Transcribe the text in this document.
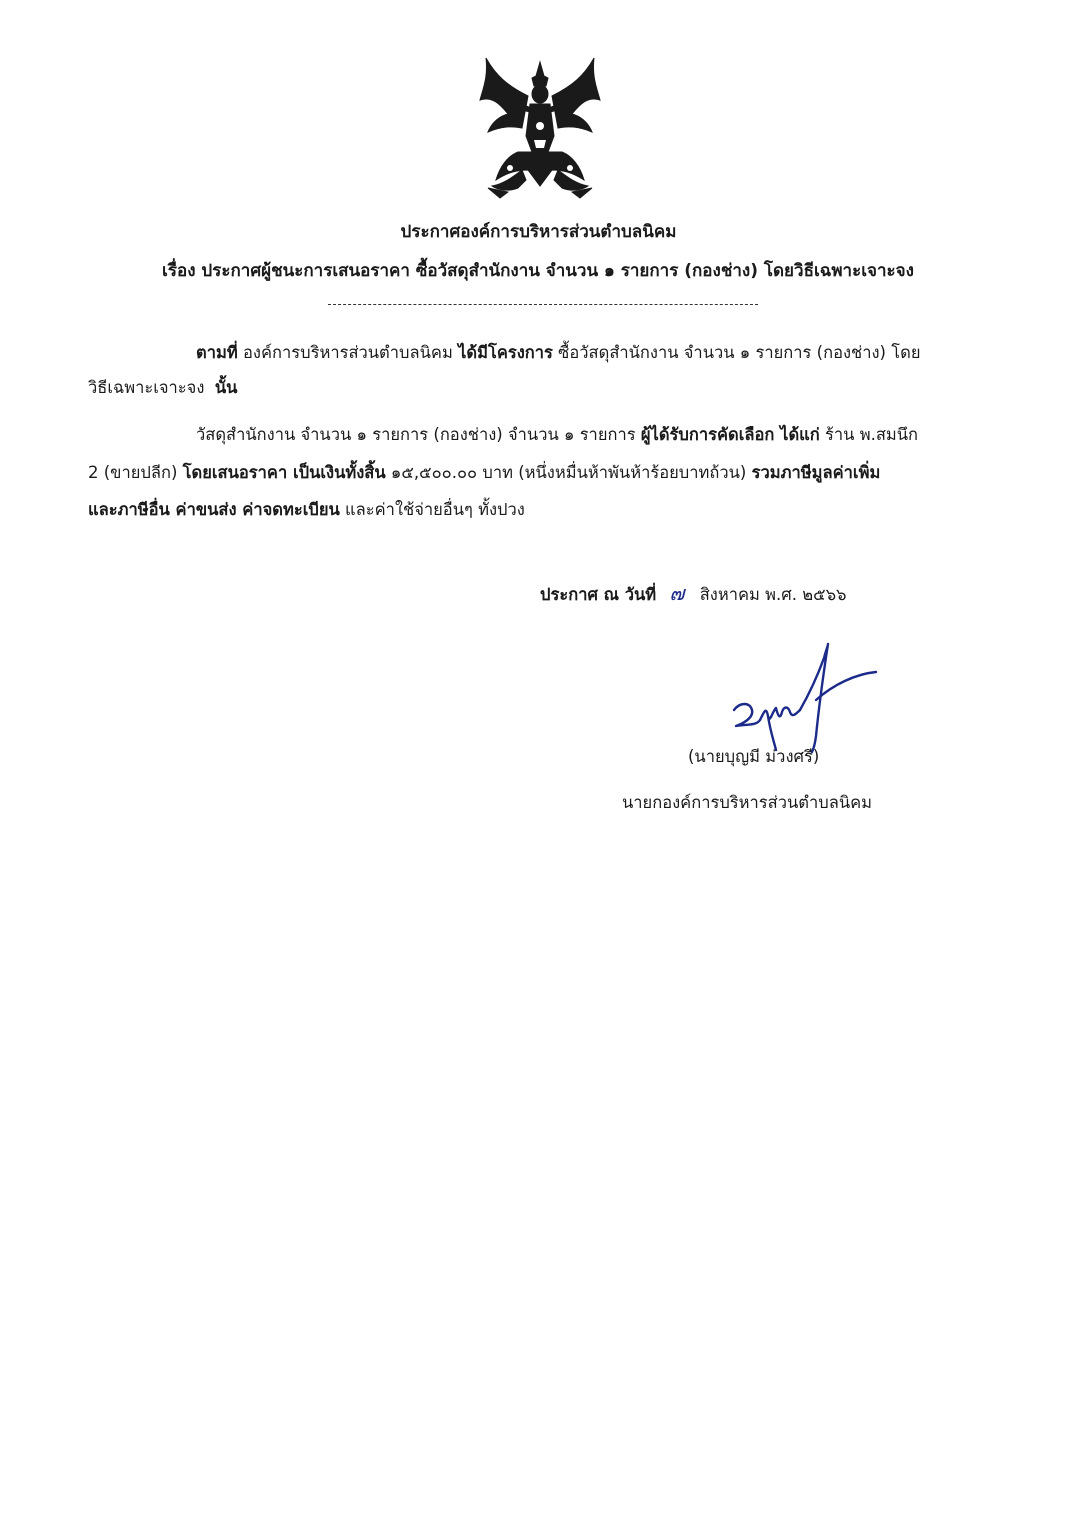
ประกาศองค์การบริหารส่วนตำบลนิคม
เรื่อง ประกาศผู้ชนะการเสนอราคา ซื้อวัสดุสำนักงาน จำนวน ๑ รายการ (กองช่าง) โดยวิธีเฉพาะเจาะจง
ตามที่ องค์การบริหารส่วนตำบลนิคม ได้มีโครงการ ซื้อวัสดุสำนักงาน จำนวน ๑ รายการ (กองช่าง) โดย
วิธีเฉพาะเจาะจง นั้น
วัสดุสำนักงาน จำนวน ๑ รายการ (กองช่าง) จำนวน ๑ รายการ ผู้ได้รับการคัดเลือก ได้แก่ ร้าน พ.สมนึก
2 (ขายปลีก) โดยเสนอราคา เป็นเงินทั้งสิ้น ๑๕,๕๐๐.๐๐ บาท (หนึ่งหมื่นห้าพันห้าร้อยบาทถ้วน) รวมภาษีมูลค่าเพิ่ม
และภาษีอื่น ค่าขนส่ง ค่าจดทะเบียน และค่าใช้จ่ายอื่นๆ ทั้งปวง
ประกาศ ณ วันที่ ๗ สิงหาคม พ.ศ. ๒๕๖๖
(นายบุญมี ม่วงศรี)
นายกองค์การบริหารส่วนตำบลนิคม
